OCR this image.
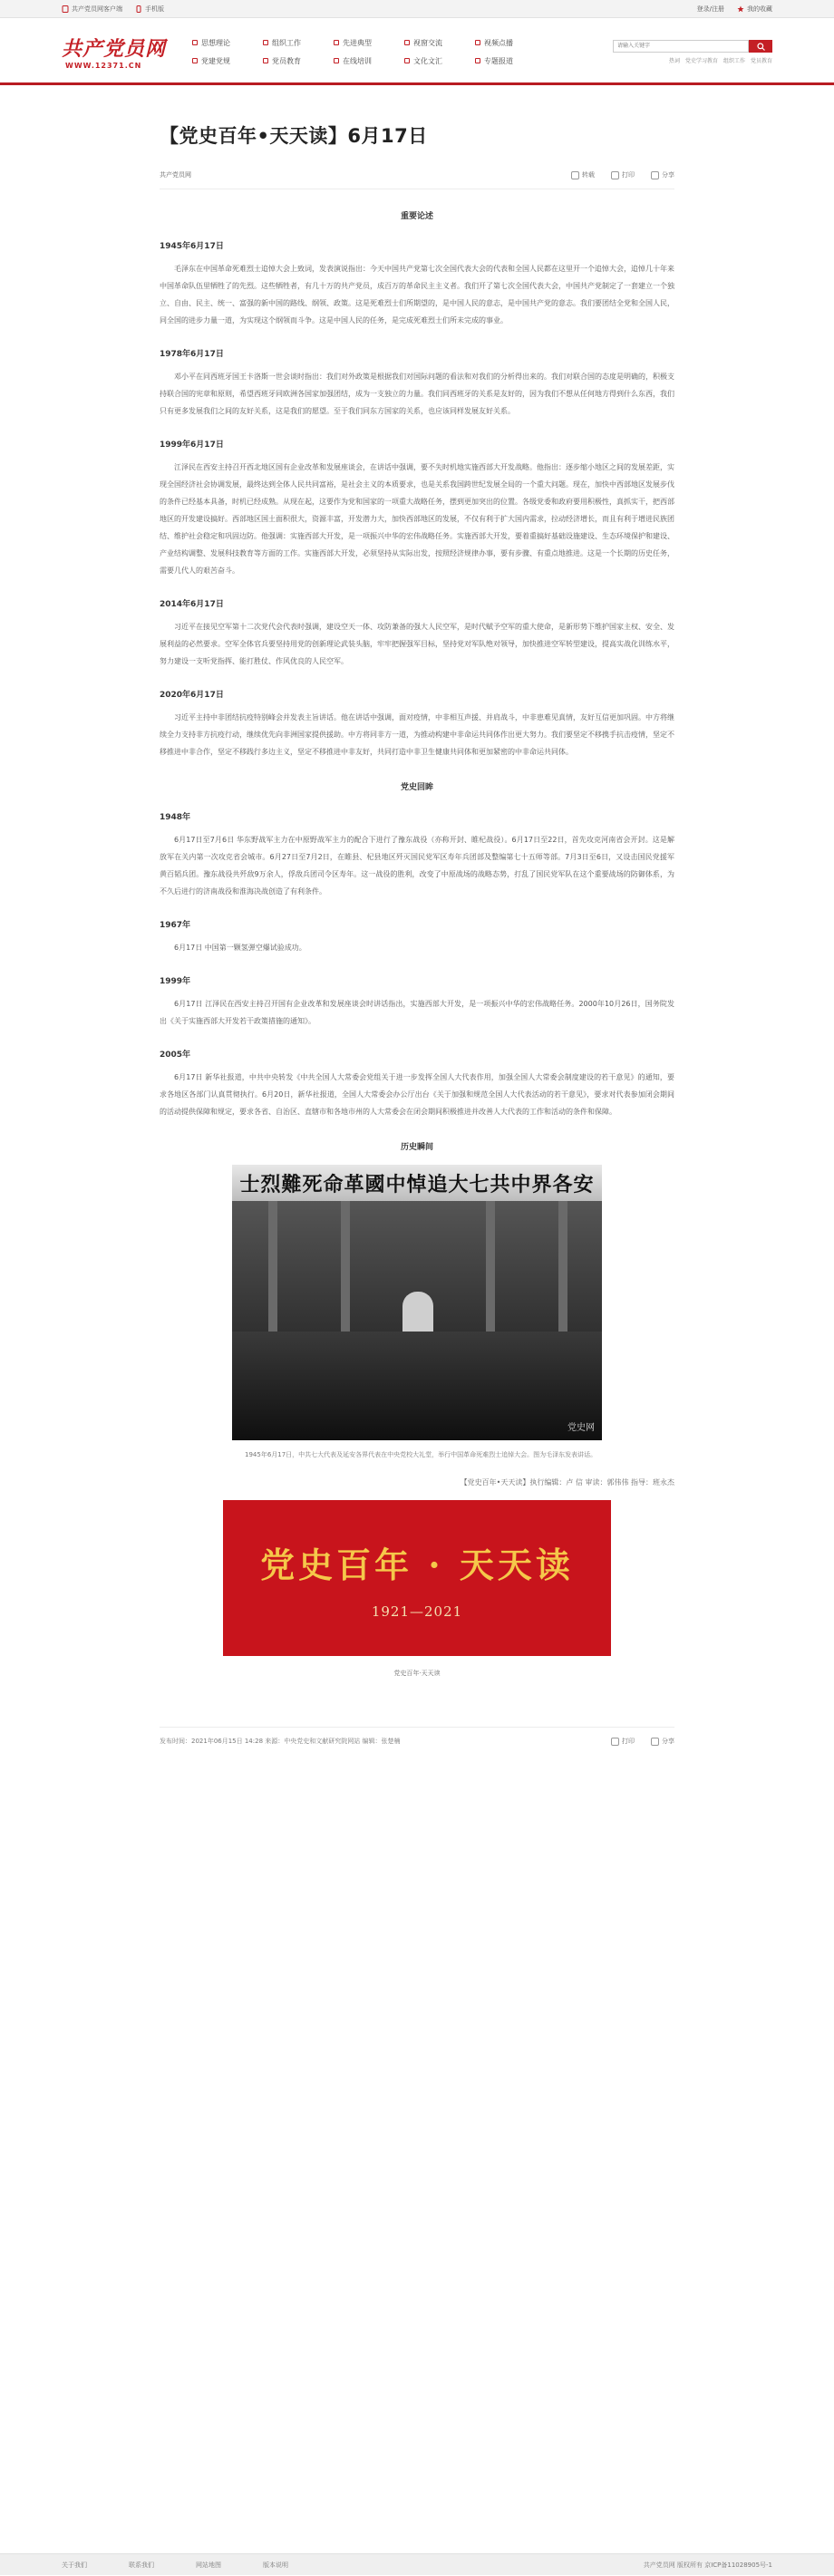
共产党员网客户端	手机版	登录/注册	我的收藏
共产党员网
WWW.12371.CN
思想理论	组织工作	先进典型	视窗交流	视频点播
党建党规	党员教育	在线培训	文化文汇	专题报道
请输入关键字	热词 党史学习教育 组织工作 党员教育
【党史百年•天天读】6月17日
共产党员网	转载	打印	分享
重要论述
1945年6月17日

毛泽东在中国革命死难烈士追悼大会上致词，发表演说指出：今天中国共产党第七次全国代表大会的代表和全国人民都在这里开一个追悼大会，追悼几十年来中国革命队伍里牺牲了的先烈。这些牺牲者，有几十万的共产党员，成百万的革命民主主义者。我们开了第七次全国代表大会，中国共产党制定了一套建立一个独立、自由、民主、统一、富强的新中国的路线、纲领、政策。这是死难烈士们所期望的，是中国人民的意志，是中国共产党的意志。我们要团结全党和全国人民，同全国的进步力量一道，为实现这个纲领而斗争。这是中国人民的任务，是完成死难烈士们所未完成的事业。

1978年6月17日

邓小平在同西班牙国王卡洛斯一世会谈时指出：我们对外政策是根据我们对国际问题的看法和对我们的分析得出来的。我们对联合国的态度是明确的，积极支持联合国的宪章和原则，希望西班牙同欧洲各国家加强团结，成为一支独立的力量。我们同西班牙的关系是友好的，因为我们不想从任何地方得到什么东西，我们只有更多发展我们之间的友好关系，这是我们的愿望。至于我们同东方国家的关系，也应该同样发展友好关系。

1999年6月17日

江泽民在西安主持召开西北地区国有企业改革和发展座谈会，在讲话中强调，要不失时机地实施西部大开发战略。他指出：逐步缩小地区之间的发展差距，实现全国经济社会协调发展，最终达到全体人民共同富裕，是社会主义的本质要求，也是关系我国跨世纪发展全局的一个重大问题。现在，加快中西部地区发展步伐的条件已经基本具备，时机已经成熟。从现在起，这要作为党和国家的一项重大战略任务，摆到更加突出的位置。各级党委和政府要用积极性，真抓实干，把西部地区的开发建设搞好。西部地区国土面积很大，资源丰富，开发潜力大，加快西部地区的发展，不仅有利于扩大国内需求，拉动经济增长，而且有利于增进民族团结、维护社会稳定和巩固边防。他强调：实施西部大开发，是一项振兴中华的宏伟战略任务。实施西部大开发，要着重搞好基础设施建设、生态环境保护和建设、产业结构调整、发展科技教育等方面的工作。实施西部大开发，必须坚持从实际出发，按照经济规律办事，要有步骤、有重点地推进。这是一个长期的历史任务，需要几代人的艰苦奋斗。

2014年6月17日

习近平在接见空军第十二次党代会代表时强调，建设空天一体、攻防兼备的强大人民空军，是时代赋予空军的重大使命，是新形势下维护国家主权、安全、发展利益的必然要求。空军全体官兵要坚持用党的创新理论武装头脑，牢牢把握强军目标，坚持党对军队绝对领导，加快推进空军转型建设，提高实战化训练水平，努力建设一支听党指挥、能打胜仗、作风优良的人民空军。

2020年6月17日

习近平主持中非团结抗疫特别峰会并发表主旨讲话。他在讲话中强调，面对疫情，中非相互声援、并肩战斗，中非患难见真情，友好互信更加巩固。中方将继续全力支持非方抗疫行动，继续优先向非洲国家提供援助。中方将同非方一道，为推动构建中非命运共同体作出更大努力。我们要坚定不移携手抗击疫情，坚定不移推进中非合作，坚定不移践行多边主义，坚定不移推进中非友好，共同打造中非卫生健康共同体和更加紧密的中非命运共同体。

党史回眸
1948年

6月17日至7月6日 华东野战军主力在中原野战军主力的配合下进行了豫东战役（亦称开封、睢杞战役）。6月17日至22日，首先攻克河南省会开封。这是解放军在关内第一次攻克省会城市。6月27日至7月2日，在睢县、杞县地区歼灭国民党军区寿年兵团部及整编第七十五师等部。7月3日至6日，又设击国民党援军黄百韬兵团。豫东战役共歼敌9万余人，俘敌兵团司令区寿年。这一战役的胜利，改变了中原战场的战略态势，打乱了国民党军队在这个重要战场的防御体系，为不久后进行的济南战役和淮海决战创造了有利条件。

1967年

6月17日 中国第一颗氢弹空爆试验成功。

1999年

6月17日 江泽民在西安主持召开国有企业改革和发展座谈会时讲话指出，实施西部大开发，是一项振兴中华的宏伟战略任务。2000年10月26日，国务院发出《关于实施西部大开发若干政策措施的通知》。

2005年

6月17日 新华社报道，中共中央转发《中共全国人大常委会党组关于进一步发挥全国人大代表作用，加强全国人大常委会制度建设的若干意见》的通知，要求各地区各部门认真贯彻执行。6月20日，新华社报道，全国人大常委会办公厅出台《关于加强和规范全国人大代表活动的若干意见》，要求对代表参加闭会期间的活动提供保障和规定，要求各省、自治区、直辖市和各地市州的人大常委会在闭会期间积极推进并改善人大代表的工作和活动的条件和保障。

历史瞬间
士烈難死命革國中悼追大七共中界各安
党史网

1945年6月17日，中共七大代表及延安各界代表在中央党校大礼堂，举行中国革命死难烈士追悼大会。图为毛泽东发表讲话。

【党史百年•天天读】执行编辑：卢 信 审读：郭伟伟 指导：班永杰
党史百年 · 天天读
1921—2021
党史百年·天天读
发布时间：2021年06月15日 14:28 来源：中央党史和文献研究院网站 编辑：张楚楠	打印	分享
关于我们	联系我们	网站地图	版本说明	共产党员网 版权所有 京ICP备11028905号-1
